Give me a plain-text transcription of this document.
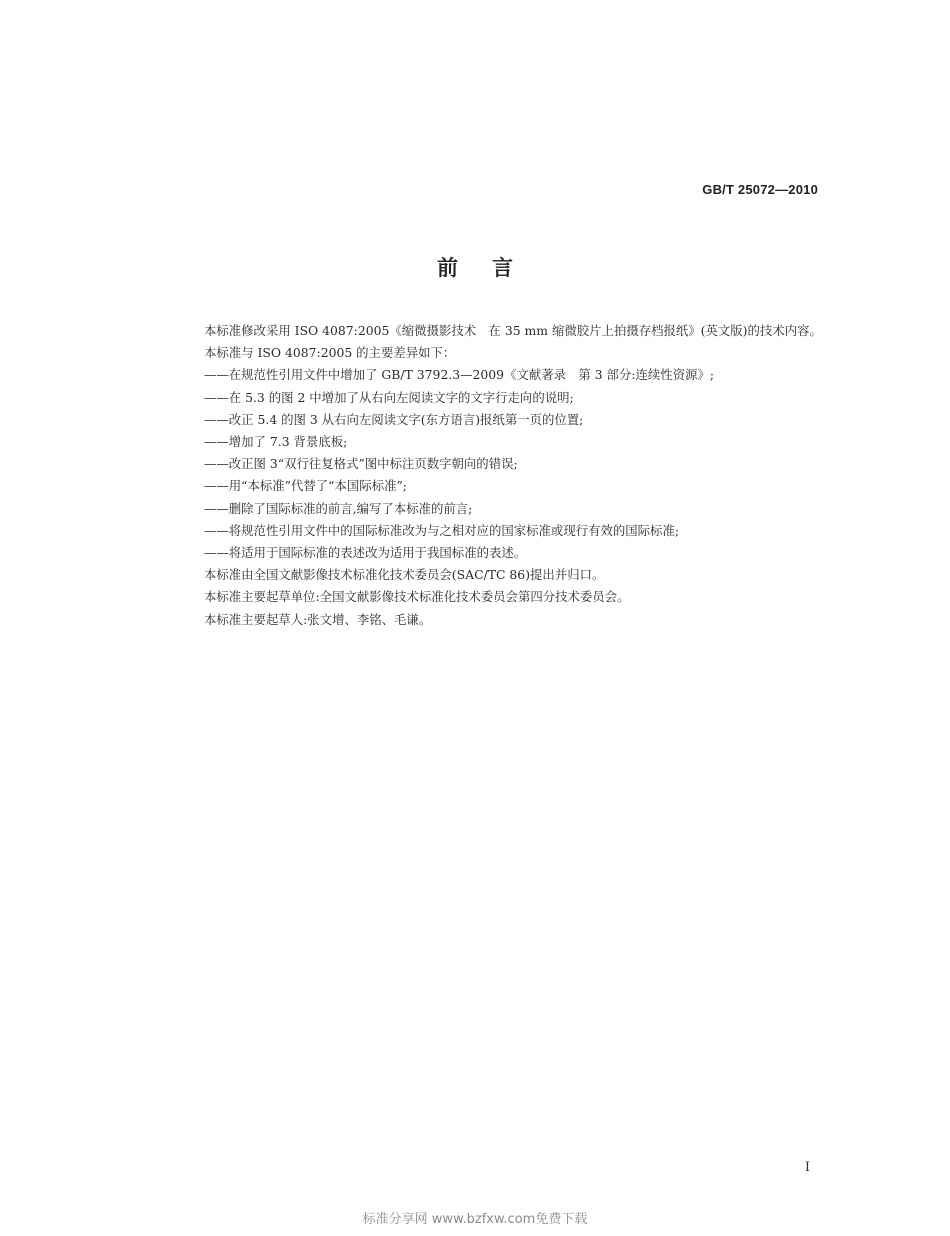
GB/T 25072—2010
前言
本标准修改采用 ISO 4087:2005《缩微摄影技术　在 35 mm 缩微胶片上拍摄存档报纸》(英文版)的技术内容。
本标准与 ISO 4087:2005 的主要差异如下：
——在规范性引用文件中增加了 GB/T 3792.3—2009《文献著录　第 3 部分:连续性资源》;
——在 5.3 的图 2 中增加了从右向左阅读文字的文字行走向的说明;
——改正 5.4 的图 3 从右向左阅读文字(东方语言)报纸第一页的位置;
——增加了 7.3 背景底板;
——改正图 3“双行往复格式”图中标注页数字朝向的错误;
——用“本标准”代替了“本国际标准”;
——删除了国际标准的前言,编写了本标准的前言;
——将规范性引用文件中的国际标准改为与之相对应的国家标准或现行有效的国际标准;
——将适用于国际标准的表述改为适用于我国标准的表述。
本标准由全国文献影像技术标准化技术委员会(SAC/TC 86)提出并归口。
本标准主要起草单位:全国文献影像技术标准化技术委员会第四分技术委员会。
本标准主要起草人:张文增、李铭、毛谦。
I
标准分享网 www.bzfxw.com免费下载
